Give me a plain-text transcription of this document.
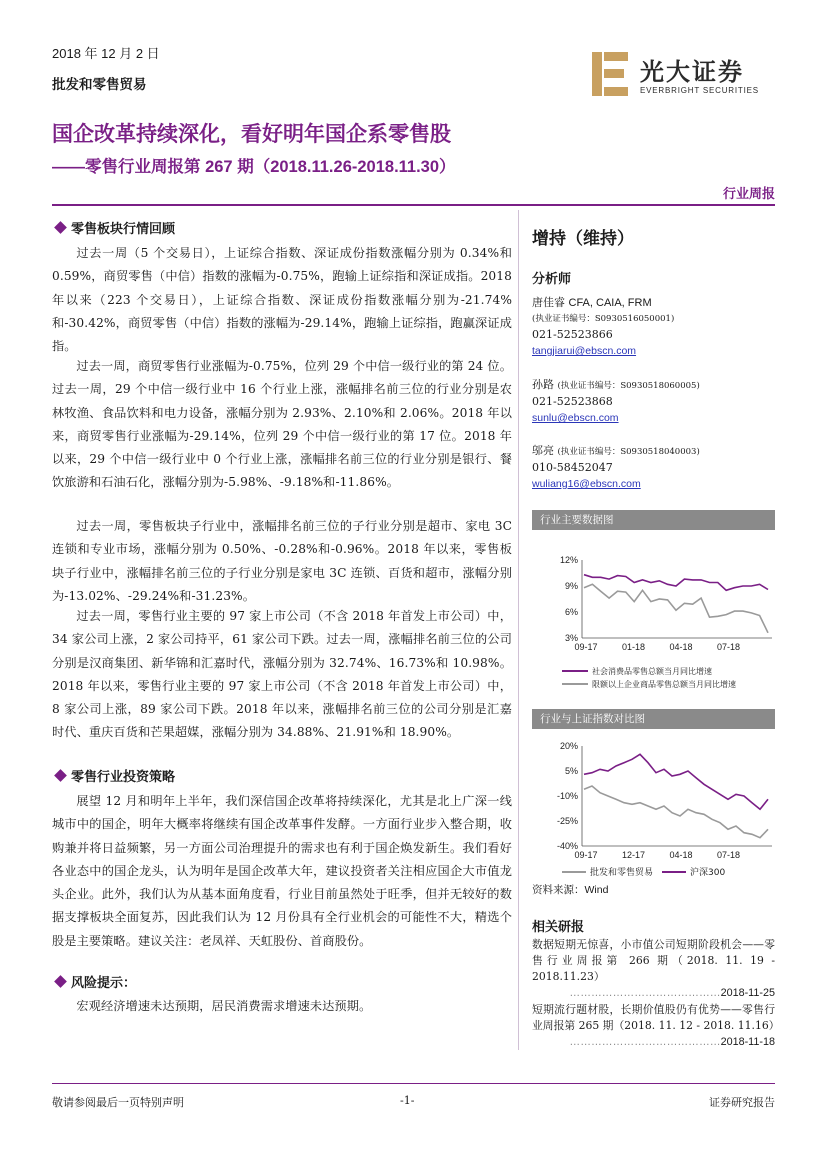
2018 年 12 月 2 日
批发和零售贸易
国企改革持续深化，看好明年国企系零售股
——零售行业周报第 267 期（2018.11.26-2018.11.30）
行业周报
光大证券
EVERBRIGHT SECURITIES
零售板块行情回顾
过去一周（5 个交易日），上证综合指数、深证成份指数涨幅分别为 0.34%和 0.59%，商贸零售（中信）指数的涨幅为-0.75%，跑输上证综指和深证成指。2018 年以来（223 个交易日），上证综合指数、深证成份指数涨幅分别为-21.74%和-30.42%，商贸零售（中信）指数的涨幅为-29.14%，跑输上证综指，跑赢深证成指。
过去一周，商贸零售行业涨幅为-0.75%，位列 29 个中信一级行业的第 24 位。过去一周，29 个中信一级行业中 16 个行业上涨，涨幅排名前三位的行业分别是农林牧渔、食品饮料和电力设备，涨幅分别为 2.93%、2.10%和 2.06%。2018 年以来，商贸零售行业涨幅为-29.14%，位列 29 个中信一级行业的第 17 位。2018 年以来，29 个中信一级行业中 0 个行业上涨，涨幅排名前三位的行业分别是银行、餐饮旅游和石油石化，涨幅分别为-5.98%、-9.18%和-11.86%。
过去一周，零售板块子行业中，涨幅排名前三位的子行业分别是超市、家电 3C 连锁和专业市场，涨幅分别为 0.50%、-0.28%和-0.96%。2018 年以来，零售板块子行业中，涨幅排名前三位的子行业分别是家电 3C 连锁、百货和超市，涨幅分别为-13.02%、-29.24%和-31.23%。
过去一周，零售行业主要的 97 家上市公司（不含 2018 年首发上市公司）中，34 家公司上涨，2 家公司持平，61 家公司下跌。过去一周，涨幅排名前三位的公司分别是汉商集团、新华锦和汇嘉时代，涨幅分别为 32.74%、16.73%和 10.98%。2018 年以来，零售行业主要的 97 家上市公司（不含 2018 年首发上市公司）中，8 家公司上涨，89 家公司下跌。2018 年以来，涨幅排名前三位的公司分别是汇嘉时代、重庆百货和芒果超媒，涨幅分别为 34.88%、21.91%和 18.90%。
零售行业投资策略
展望 12 月和明年上半年，我们深信国企改革将持续深化，尤其是北上广深一线城市中的国企，明年大概率将继续有国企改革事件发酵。一方面行业步入整合期，收购兼并将日益频繁，另一方面公司治理提升的需求也有利于国企焕发新生。我们看好各业态中的国企龙头，认为明年是国企改革大年，建议投资者关注相应国企大市值龙头企业。此外，我们认为从基本面角度看，行业目前虽然处于旺季，但并无较好的数据支撑板块全面复苏，因此我们认为 12 月份具有全行业机会的可能性不大，精选个股是主要策略。建议关注：老凤祥、天虹股份、首商股份。
风险提示：
宏观经济增速未达预期，居民消费需求增速未达预期。
增持（维持）
分析师
唐佳睿 CFA, CAIA, FRM
(执业证书编号：S0930516050001)
021-52523866
tangjiarui@ebscn.com
孙路 (执业证书编号：S0930518060005)
021-52523868
sunlu@ebscn.com
邬亮 (执业证书编号：S0930518040003)
010-58452047
wuliang16@ebscn.com
行业主要数据图
12%
9%
6%
3%
09-17	01-18	04-18	07-18
社会消费品零售总额当月同比增速
限额以上企业商品零售总额当月同比增速
行业与上证指数对比图
20%
5%
-10%
-25%
-40%
09-17	12-17	04-18	07-18
批发和零售贸易	沪深300
资料来源：Wind
相关研报
数据短期无惊喜，小市值公司短期阶段机会——零售行业周报第 266 期（2018. 11. 19 - 2018.11.23）
……………………………………2018-11-25
短期流行题材股，长期价值股仍有优势——零售行业周报第 265 期（2018. 11. 12 - 2018. 11.16）
……………………………………2018-11-18
敬请参阅最后一页特别声明	-1-	证券研究报告
